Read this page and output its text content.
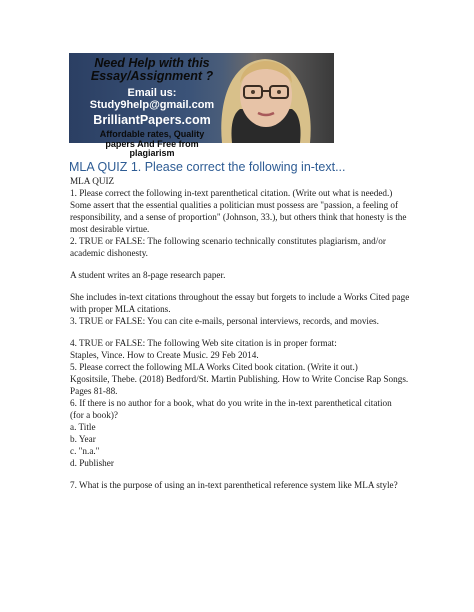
Need Help with this
Essay/Assignment ?
Email us:
Study9help@gmail.com
BrilliantPapers.com
Affordable rates, Quality
papers And Free from
plagiarism
MLA QUIZ 1. Please correct the following in-text...

MLA QUIZ

1. Please correct the following in-text parenthetical citation. (Write out what is needed.)

Some assert that the essential qualities a politician must possess are "passion, a feeling of

responsibility, and a sense of proportion" (Johnson, 33.), but others think that honesty is the

most desirable virtue.

2. TRUE or FALSE: The following scenario technically constitutes plagiarism, and/or

academic dishonesty.

A student writes an 8-page research paper.

She includes in-text citations throughout the essay but forgets to include a Works Cited page

with proper MLA citations.

3. TRUE or FALSE: You can cite e-mails, personal interviews, records, and movies.

4. TRUE or FALSE: The following Web site citation is in proper format:

Staples, Vince. How to Create Music. 29 Feb 2014.

5. Please correct the following MLA Works Cited book citation. (Write it out.)

Kgositsile, Thebe. (2018) Bedford/St. Martin Publishing. How to Write Concise Rap Songs.

Pages 81-88.

6. If there is no author for a book, what do you write in the in-text parenthetical citation

(for a book)?

a. Title

b. Year

c. "n.a."

d. Publisher

7. What is the purpose of using an in-text parenthetical reference system like MLA style?
